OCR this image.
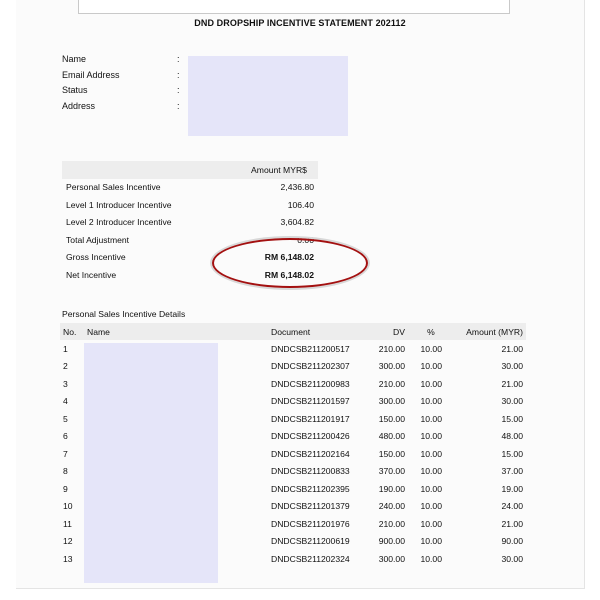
DND DROPSHIP INCENTIVE STATEMENT 202112
Name	:
Email Address	:
Status	:
Address	:
	Amount MYR$
Personal Sales Incentive	2,436.80
Level 1 Introducer Incentive	106.40
Level 2 Introducer Incentive	3,604.82
Total Adjustment	0.00
Gross Incentive	RM 6,148.02
Net Incentive	RM 6,148.02
Personal Sales Incentive Details
No.	Name	Document	DV	%	Amount (MYR)
1		DNDCSB211200517	210.00	10.00	21.00
2		DNDCSB211202307	300.00	10.00	30.00
3		DNDCSB211200983	210.00	10.00	21.00
4		DNDCSB211201597	300.00	10.00	30.00
5		DNDCSB211201917	150.00	10.00	15.00
6		DNDCSB211200426	480.00	10.00	48.00
7		DNDCSB211202164	150.00	10.00	15.00
8		DNDCSB211200833	370.00	10.00	37.00
9		DNDCSB211202395	190.00	10.00	19.00
10		DNDCSB211201379	240.00	10.00	24.00
11		DNDCSB211201976	210.00	10.00	21.00
12		DNDCSB211200619	900.00	10.00	90.00
13		DNDCSB211202324	300.00	10.00	30.00
